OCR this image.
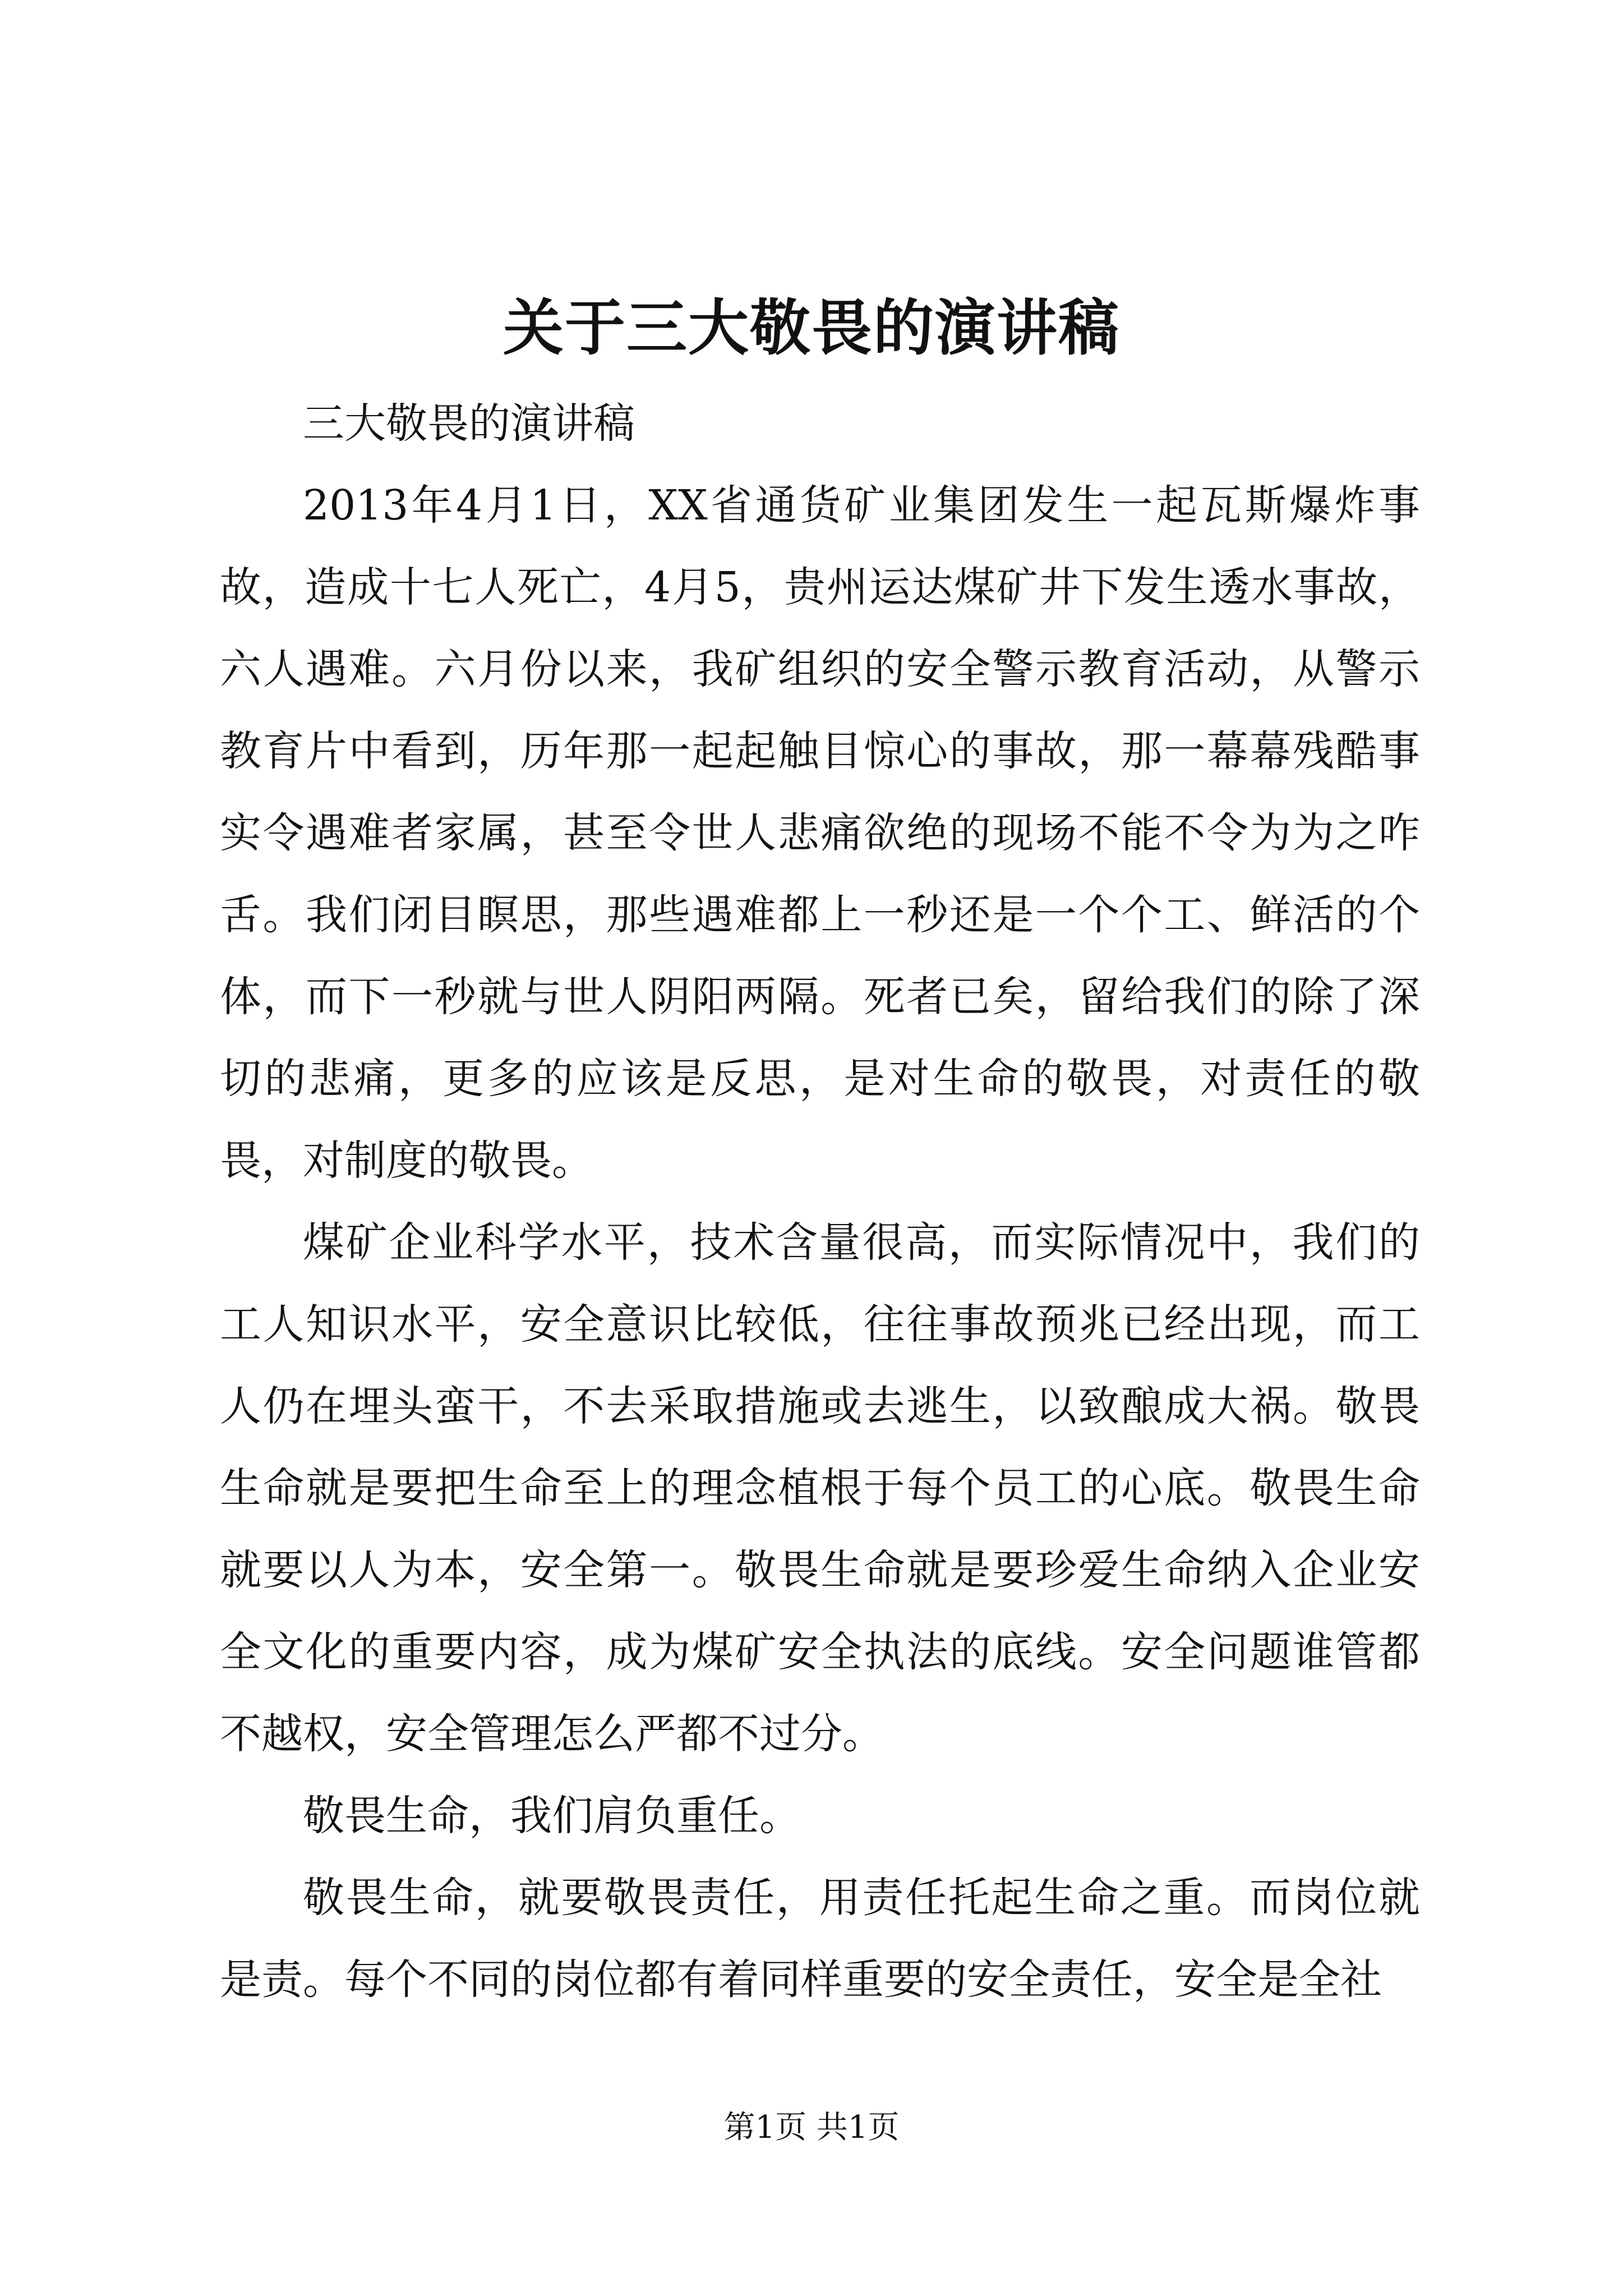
关于三大敬畏的演讲稿

三大敬畏的演讲稿

2013年4月1日，XX省通货矿业集团发生一起瓦斯爆炸事故，造成十七人死亡，4月5，贵州运达煤矿井下发生透水事故，六人遇难。六月份以来，我矿组织的安全警示教育活动，从警示教育片中看到，历年那一起起触目惊心的事故，那一幕幕残酷事实令遇难者家属，甚至令世人悲痛欲绝的现场不能不令为为之咋舌。我们闭目瞑思，那些遇难都上一秒还是一个个工、鲜活的个体，而下一秒就与世人阴阳两隔。死者已矣，留给我们的除了深切的悲痛，更多的应该是反思，是对生命的敬畏，对责任的敬畏，对制度的敬畏。

煤矿企业科学水平，技术含量很高，而实际情况中，我们的工人知识水平，安全意识比较低，往往事故预兆已经出现，而工人仍在埋头蛮干，不去采取措施或去逃生，以致酿成大祸。敬畏生命就是要把生命至上的理念植根于每个员工的心底。敬畏生命就要以人为本，安全第一。敬畏生命就是要珍爱生命纳入企业安全文化的重要内容，成为煤矿安全执法的底线。安全问题谁管都不越权，安全管理怎么严都不过分。

敬畏生命，我们肩负重任。

敬畏生命，就要敬畏责任，用责任托起生命之重。而岗位就是责。每个不同的岗位都有着同样重要的安全责任，安全是全社

第1页 共1页
